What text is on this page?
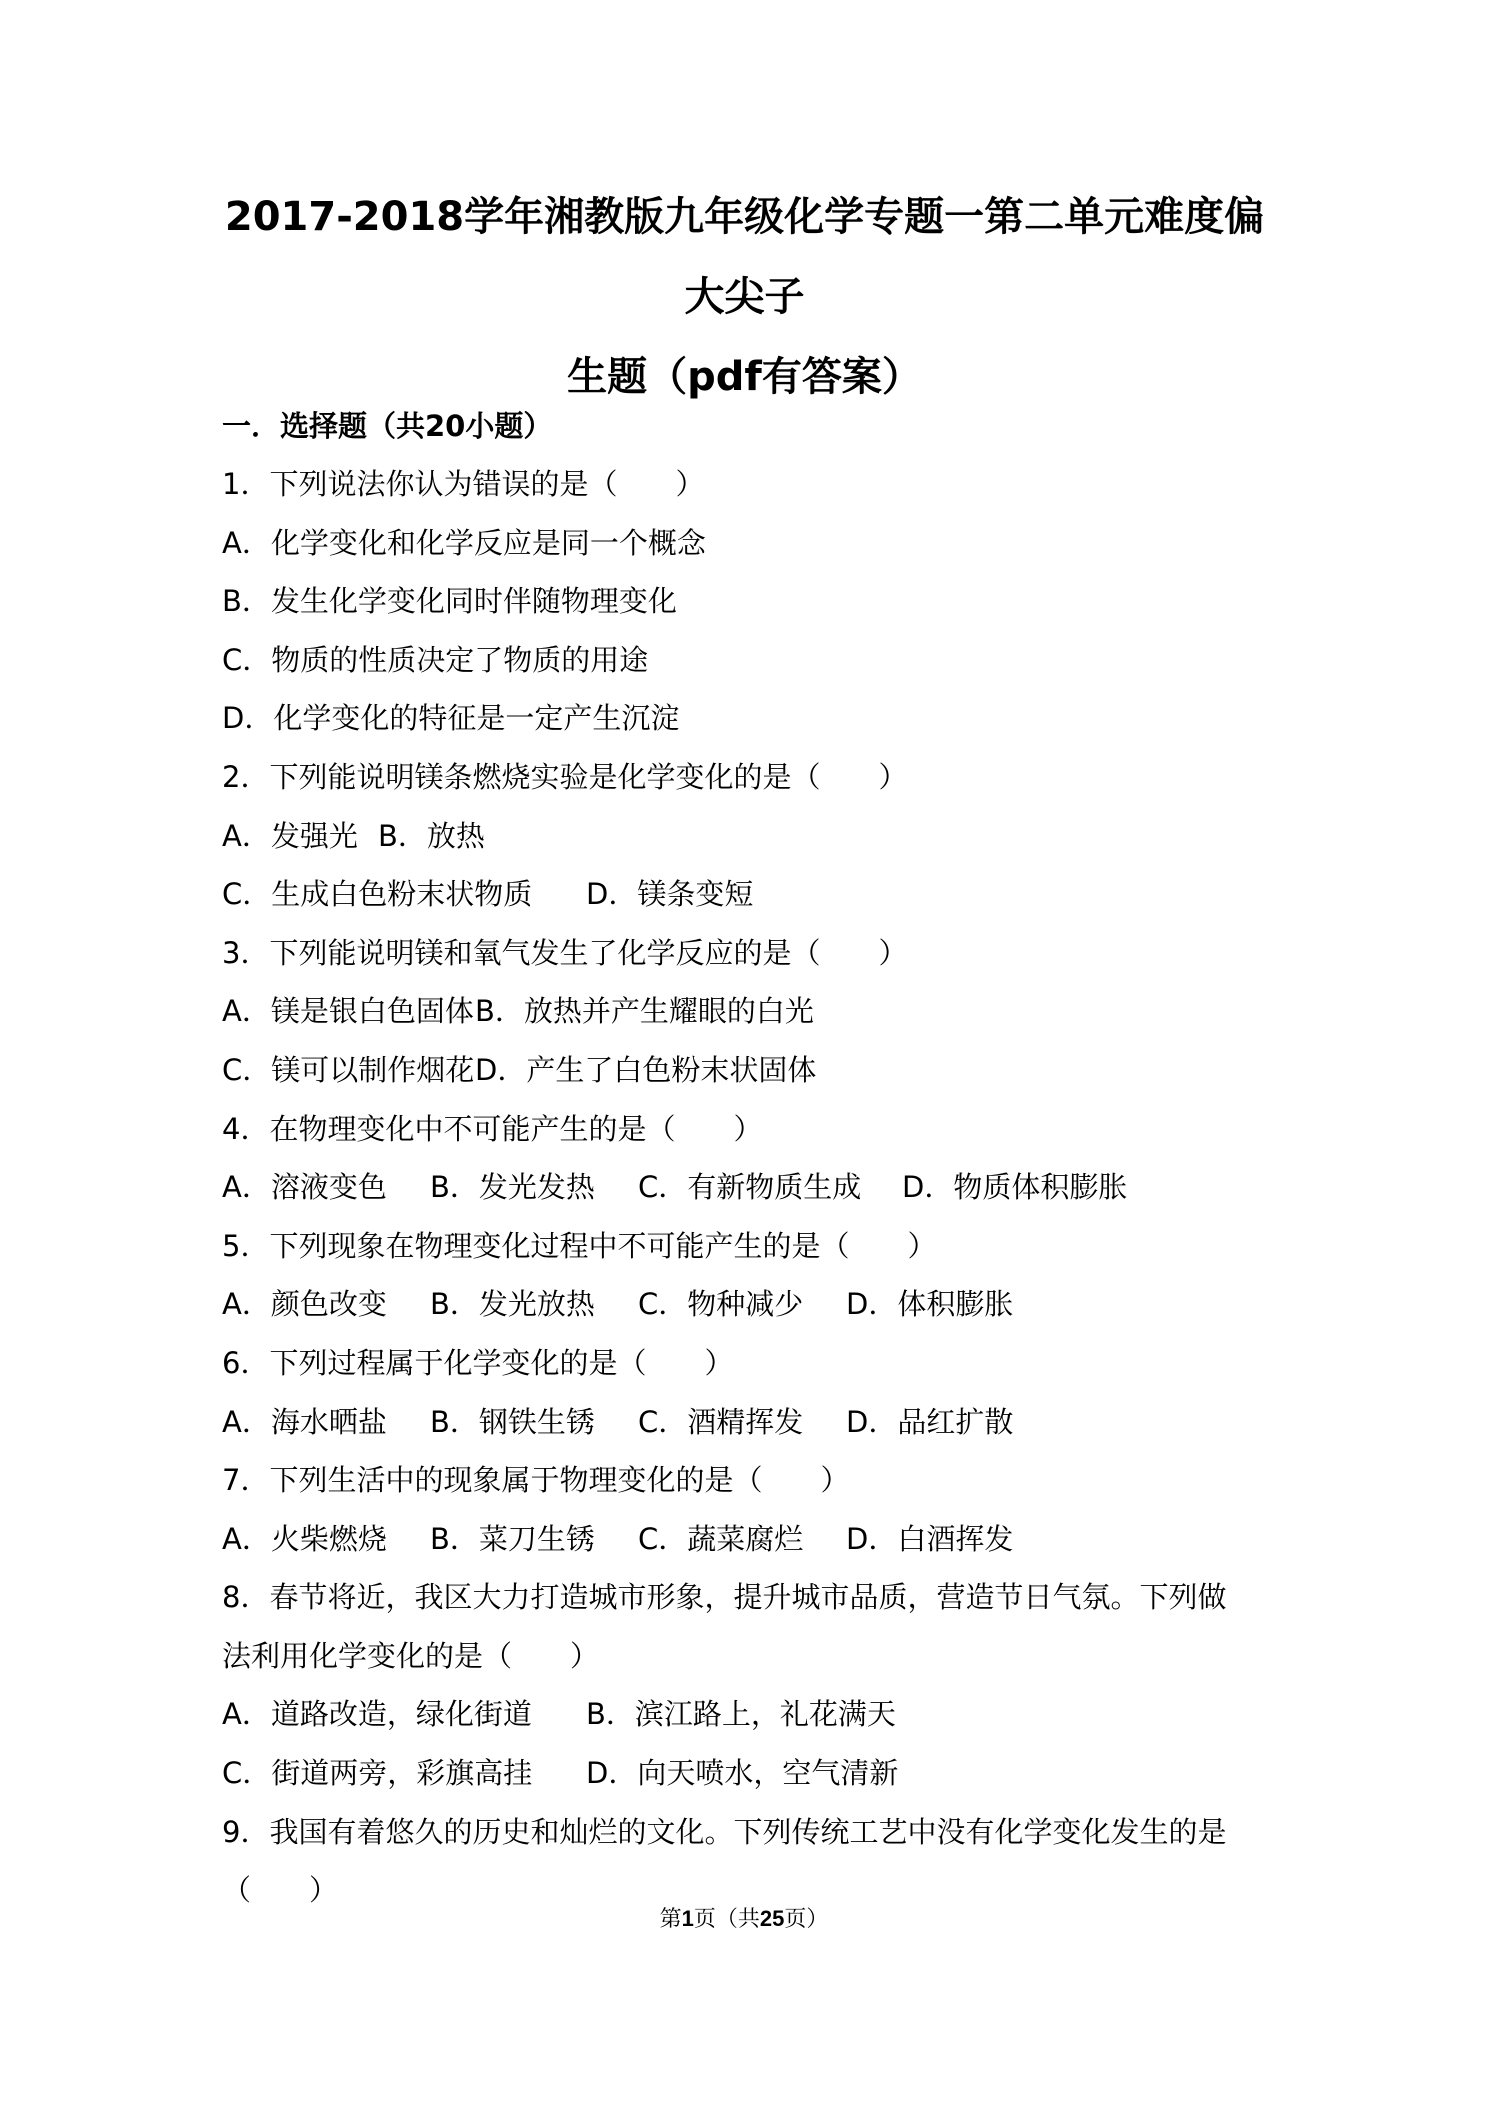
2017-2018学年湘教版九年级化学专题一第二单元难度偏大尖子
生题（pdf有答案）
一．选择题（共20小题）
1．下列说法你认为错误的是（　　）
A．化学变化和化学反应是同一个概念
B．发生化学变化同时伴随物理变化
C．物质的性质决定了物质的用途
D．化学变化的特征是一定产生沉淀
2．下列能说明镁条燃烧实验是化学变化的是（　　）
A．发强光 B．放热
C．生成白色粉末状物质	D．镁条变短
3．下列能说明镁和氧气发生了化学反应的是（　　）
A．镁是银白色固体 B．放热并产生耀眼的白光
C．镁可以制作烟花 D．产生了白色粉末状固体
4．在物理变化中不可能产生的是（　　）
A．溶液变色	B．发光发热	C．有新物质生成	D．物质体积膨胀
5．下列现象在物理变化过程中不可能产生的是（　　）
A．颜色改变	B．发光放热	C．物种减少	D．体积膨胀
6．下列过程属于化学变化的是（　　）
A．海水晒盐	B．钢铁生锈	C．酒精挥发	D．品红扩散
7．下列生活中的现象属于物理变化的是（　　）
A．火柴燃烧	B．菜刀生锈	C．蔬菜腐烂	D．白酒挥发
8．春节将近，我区大力打造城市形象，提升城市品质，营造节日气氛。下列做
法利用化学变化的是（　　）
A．道路改造，绿化街道	B．滨江路上，礼花满天
C．街道两旁，彩旗高挂	D．向天喷水，空气清新
9．我国有着悠久的历史和灿烂的文化。下列传统工艺中没有化学变化发生的是
（　　）
第1页（共25页）
